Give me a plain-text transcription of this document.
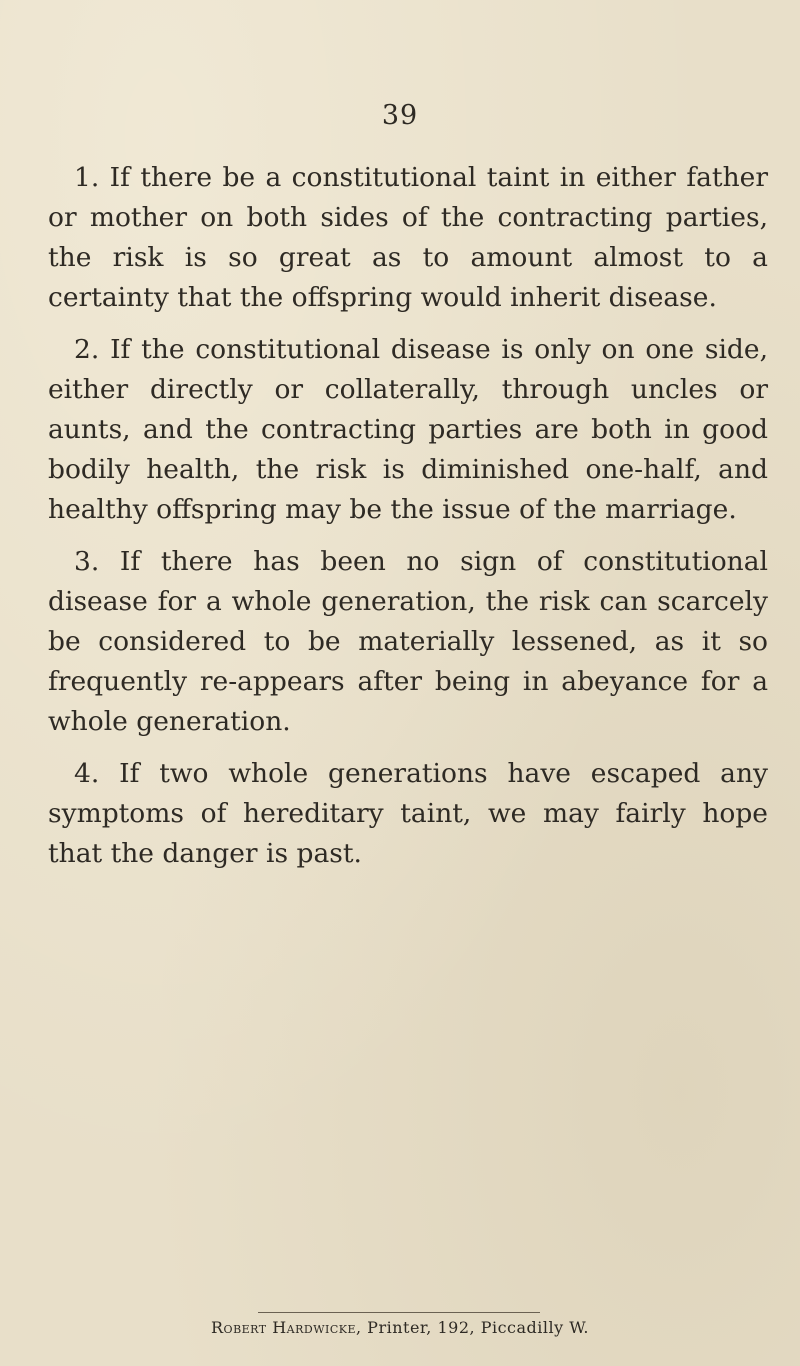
39

1. If there be a constitutional taint in either father or mother on both sides of the contracting parties, the risk is so great as to amount almost to a certainty that the offspring would inherit disease.

2. If the constitutional disease is only on one side, either directly or collaterally, through uncles or aunts, and the contracting parties are both in good bodily health, the risk is diminished one-half, and healthy offspring may be the issue of the marriage.

3. If there has been no sign of constitutional disease for a whole generation, the risk can scarcely be considered to be materially lessened, as it so frequently re-appears after being in abeyance for a whole generation.

4. If two whole generations have escaped any symptoms of hereditary taint, we may fairly hope that the danger is past.

Robert Hardwicke, Printer, 192, Piccadilly W.
